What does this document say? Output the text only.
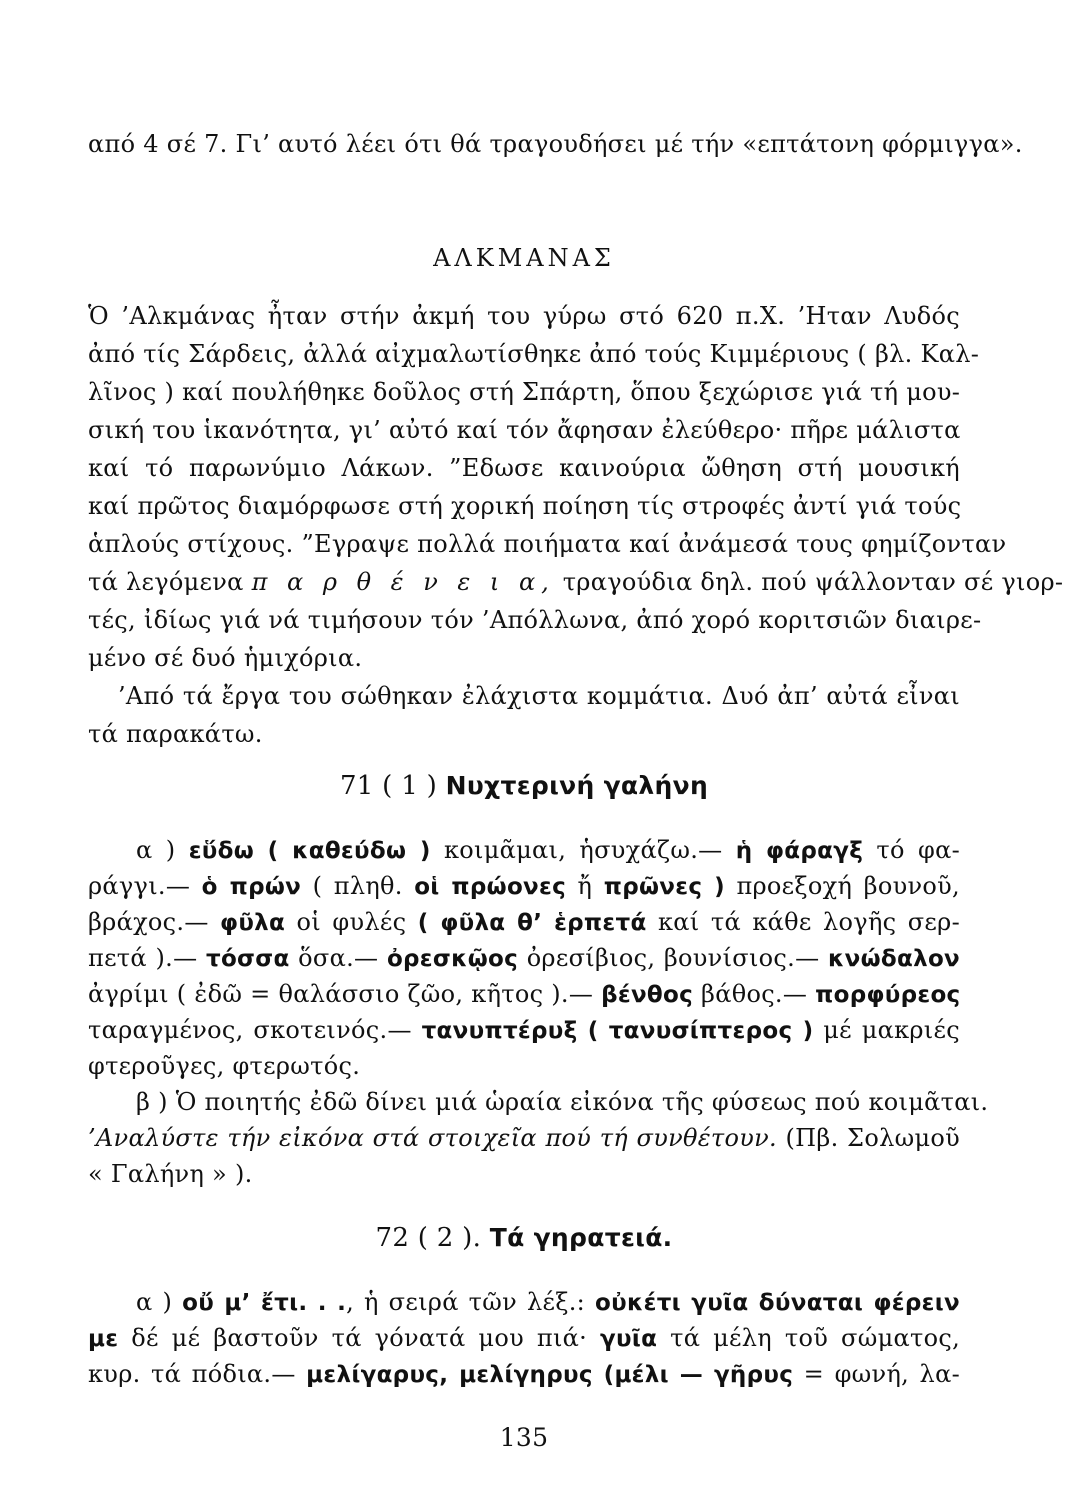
από 4 σέ 7. Γι’ αυτό λέει ότι θά τραγουδήσει μέ τήν «επτάτονη φόρμιγγα».
ΑΛΚΜΑΝΑΣ
Ὁ ’Αλκμάνας ἦταν στήν ἀκμή του γύρω στό 620 π.Χ. ’Ηταν Λυδός
ἀπό τίς Σάρδεις, ἀλλά αἰχμαλωτίσθηκε ἀπό τούς Κιμμέριους ( βλ. Καλ-
λῖνος ) καί πουλήθηκε δοῦλος στή Σπάρτη, ὅπου ξεχώρισε γιά τή μου-
σική του ἱκανότητα, γι’ αὐτό καί τόν ἄφησαν ἐλεύθερο· πῆρε μάλιστα
καί τό παρωνύμιο Λάκων. ”Εδωσε καινούρια ὤθηση στή μουσική
καί πρῶτος διαμόρφωσε στή χορική ποίηση τίς στροφές ἀντί γιά τούς
ἁπλούς στίχους. ”Εγραψε πολλά ποιήματα καί ἀνάμεσά τους φημίζονταν
τά λεγόμενα π α ρ θ έ ν ε ι α, τραγούδια δηλ. πού ψάλλονταν σέ γιορ-
τές, ἰδίως γιά νά τιμήσουν τόν ’Απόλλωνα, ἀπό χορό κοριτσιῶν διαιρε-
μένο σέ δυό ἡμιχόρια.
’Από τά ἔργα του σώθηκαν ἐλάχιστα κομμάτια. Δυό ἀπ’ αὐτά εἶναι
τά παρακάτω.
71 ( 1 ) Νυχτερινή γαλήνη
α ) εὕδω ( καθεύδω ) κοιμᾶμαι, ἡσυχάζω.— ἡ φάραγξ τό φα-
ράγγι.— ὁ πρών ( πληθ. οἱ πρώονες ἤ πρῶνες ) προεξοχή βουνοῦ,
βράχος.— φῦλα οἱ φυλές ( φῦλα θ’ ἑρπετά καί τά κάθε λογῆς σερ-
πετά ).— τόσσα ὅσα.— ὀρεσκῷος ὀρεσίβιος, βουνίσιος.— κνώδαλον
ἀγρίμι ( ἐδῶ = θαλάσσιο ζῶο, κῆτος ).— βένθος βάθος.— πορφύρεος
ταραγμένος, σκοτεινός.— τανυπτέρυξ ( τανυσίπτερος ) μέ μακριές
φτεροῦγες, φτερωτός.
β ) Ὁ ποιητής ἐδῶ δίνει μιά ὡραία εἰκόνα τῆς φύσεως πού κοιμᾶται.
’Αναλύστε τήν εἰκόνα στά στοιχεῖα πού τή συνθέτουν. (Πβ. Σολωμοῦ
« Γαλήνη » ).
72 ( 2 ). Τά γηρατειά.
α ) οὔ μ’ ἔτι. . ., ἡ σειρά τῶν λέξ.: οὐκέτι γυῖα δύναται φέρειν
με δέ μέ βαστοῦν τά γόνατά μου πιά· γυῖα τά μέλη τοῦ σώματος,
κυρ. τά πόδια.— μελίγαρυς, μελίγηρυς (μέλι — γῆρυς = φωνή, λα-
135
